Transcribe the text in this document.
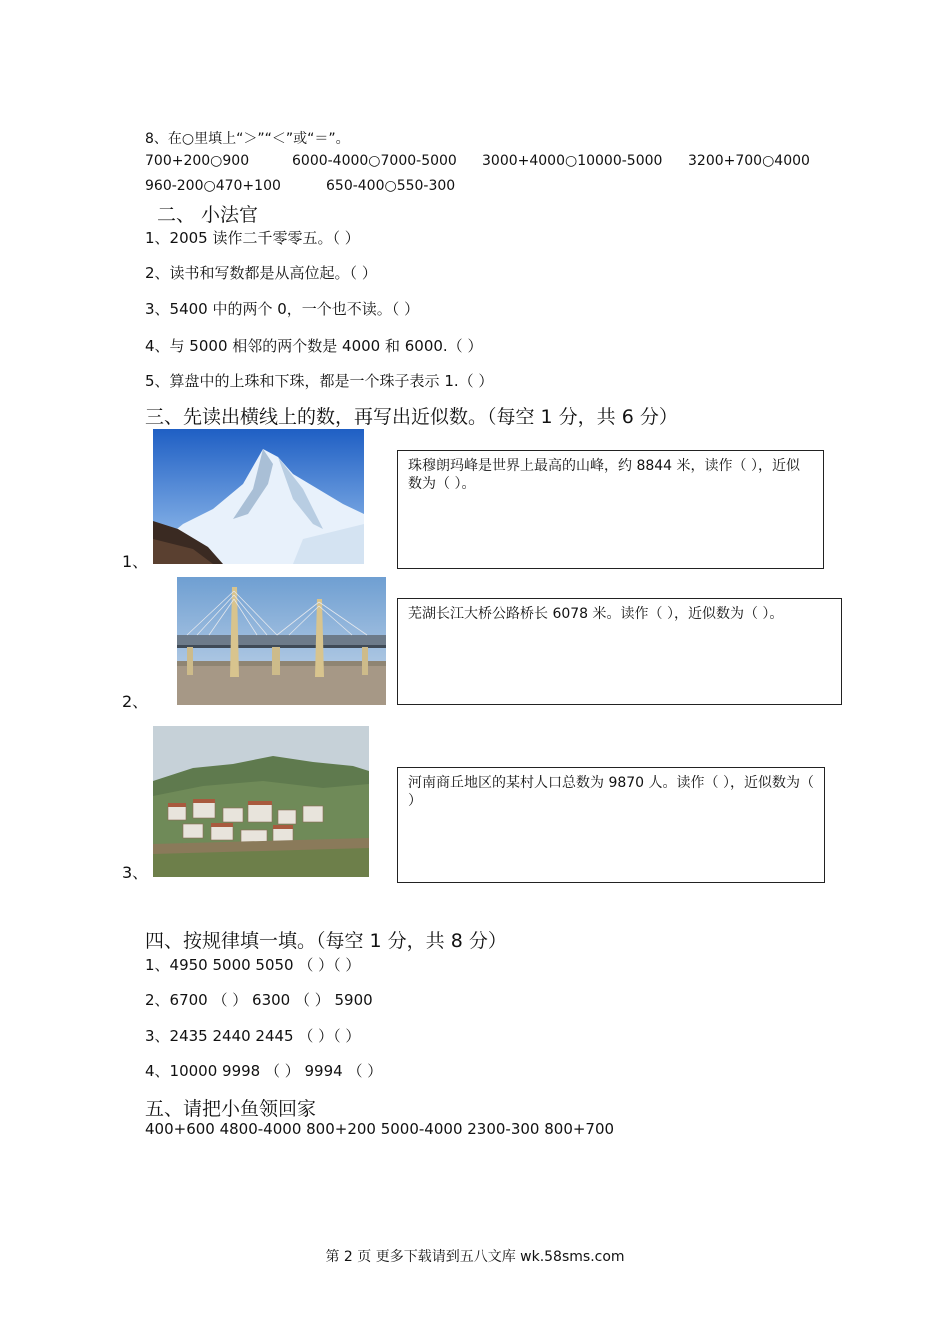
8、在○里填上“＞”“＜”或“＝”。
700+200○900	6000-4000○7000-5000 3000+4000○10000-5000 3200+700○4000
960-200○470+100	650-400○550-300
二、 小法官
1、2005 读作二千零零五。（ ）
2、读书和写数都是从高位起。（ ）
3、5400 中的两个 0，一个也不读。（ ）
4、与 5000 相邻的两个数是 4000 和 6000.（ ）
5、算盘中的上珠和下珠，都是一个珠子表示 1.（ ）
三、先读出横线上的数，再写出近似数。（每空 1 分，共 6 分）
1、
珠穆朗玛峰是世界上最高的山峰，约 8844 米，读作（ ），近似数为（ ）。
2、
芜湖长江大桥公路桥长 6078 米。读作（ ），近似数为（ ）。
3、
河南商丘地区的某村人口总数为 9870 人。读作（ ），近似数为（ ）
四、按规律填一填。（每空 1 分，共 8 分）
1、4950 5000 5050 （ ）（ ）
2、6700 （ ） 6300 （ ） 5900
3、2435 2440 2445 （ ）（ ）
4、10000 9998 （ ） 9994 （ ）
五、请把小鱼领回家
400+600 4800-4000 800+200 5000-4000 2300-300 800+700
第 2 页 更多下载请到五八文库 wk.58sms.com
